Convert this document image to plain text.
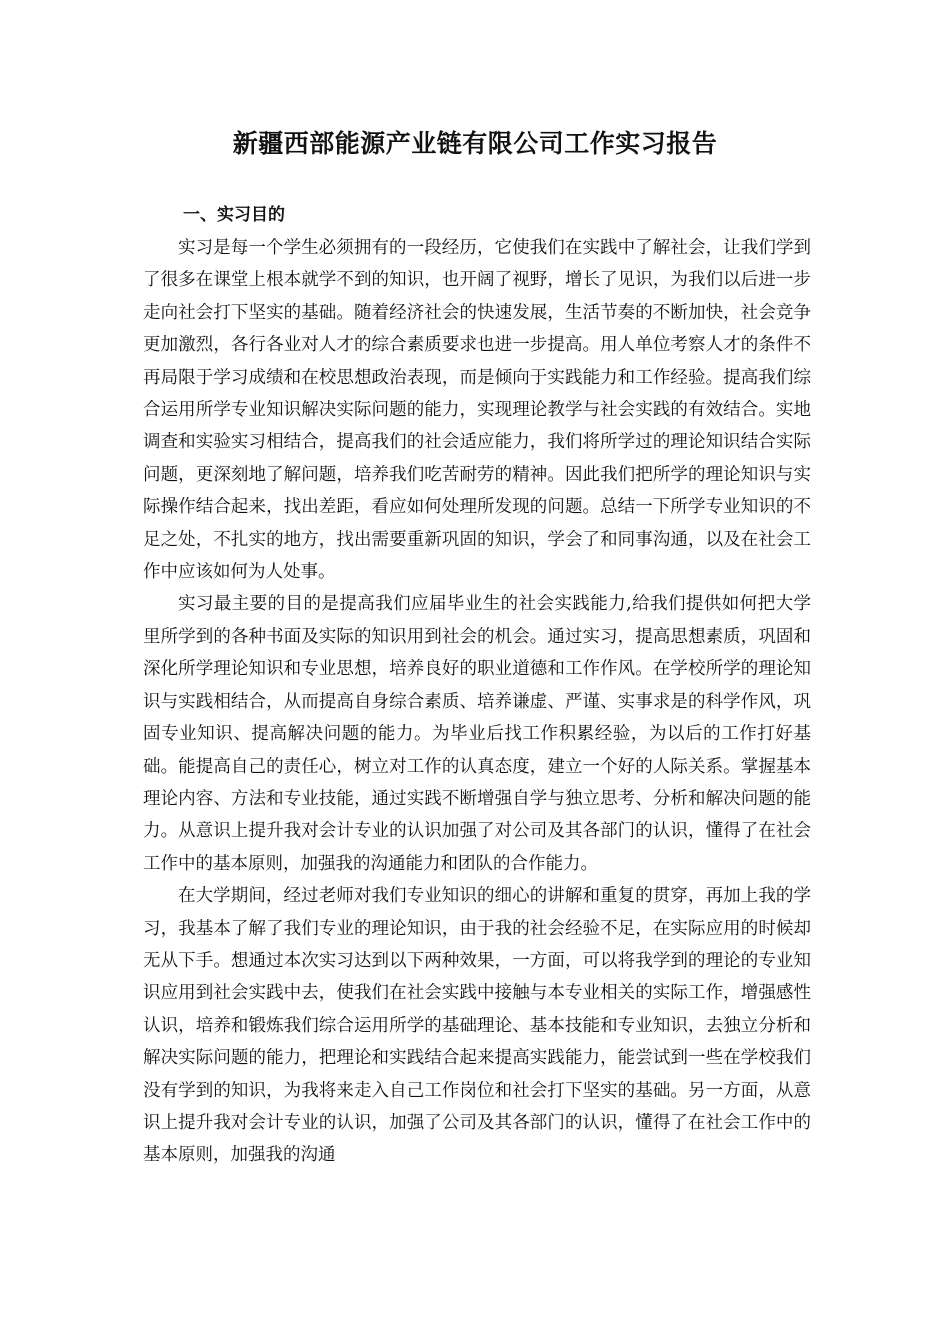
新疆西部能源产业链有限公司工作实习报告
一、实习目的

实习是每一个学生必须拥有的一段经历，它使我们在实践中了解社会，让我们学到了很多在课堂上根本就学不到的知识，也开阔了视野，增长了见识，为我们以后进一步走向社会打下坚实的基础。随着经济社会的快速发展，生活节奏的不断加快，社会竞争更加激烈，各行各业对人才的综合素质要求也进一步提高。用人单位考察人才的条件不再局限于学习成绩和在校思想政治表现，而是倾向于实践能力和工作经验。提高我们综合运用所学专业知识解决实际问题的能力，实现理论教学与社会实践的有效结合。实地调查和实验实习相结合，提高我们的社会适应能力，我们将所学过的理论知识结合实际问题，更深刻地了解问题，培养我们吃苦耐劳的精神。因此我们把所学的理论知识与实际操作结合起来，找出差距，看应如何处理所发现的问题。总结一下所学专业知识的不足之处，不扎实的地方，找出需要重新巩固的知识，学会了和同事沟通，以及在社会工作中应该如何为人处事。

实习最主要的目的是提高我们应届毕业生的社会实践能力,给我们提供如何把大学里所学到的各种书面及实际的知识用到社会的机会。通过实习，提高思想素质，巩固和深化所学理论知识和专业思想，培养良好的职业道德和工作作风。在学校所学的理论知识与实践相结合，从而提高自身综合素质、培养谦虚、严谨、实事求是的科学作风，巩固专业知识、提高解决问题的能力。为毕业后找工作积累经验，为以后的工作打好基础。能提高自己的责任心，树立对工作的认真态度，建立一个好的人际关系。掌握基本理论内容、方法和专业技能，通过实践不断增强自学与独立思考、分析和解决问题的能力。从意识上提升我对会计专业的认识加强了对公司及其各部门的认识，懂得了在社会工作中的基本原则，加强我的沟通能力和团队的合作能力。

在大学期间，经过老师对我们专业知识的细心的讲解和重复的贯穿，再加上我的学习，我基本了解了我们专业的理论知识，由于我的社会经验不足，在实际应用的时候却无从下手。想通过本次实习达到以下两种效果，一方面，可以将我学到的理论的专业知识应用到社会实践中去，使我们在社会实践中接触与本专业相关的实际工作，增强感性认识，培养和锻炼我们综合运用所学的基础理论、基本技能和专业知识，去独立分析和解决实际问题的能力，把理论和实践结合起来提高实践能力，能尝试到一些在学校我们没有学到的知识，为我将来走入自己工作岗位和社会打下坚实的基础。另一方面，从意识上提升我对会计专业的认识，加强了公司及其各部门的认识，懂得了在社会工作中的基本原则，加强我的沟通
